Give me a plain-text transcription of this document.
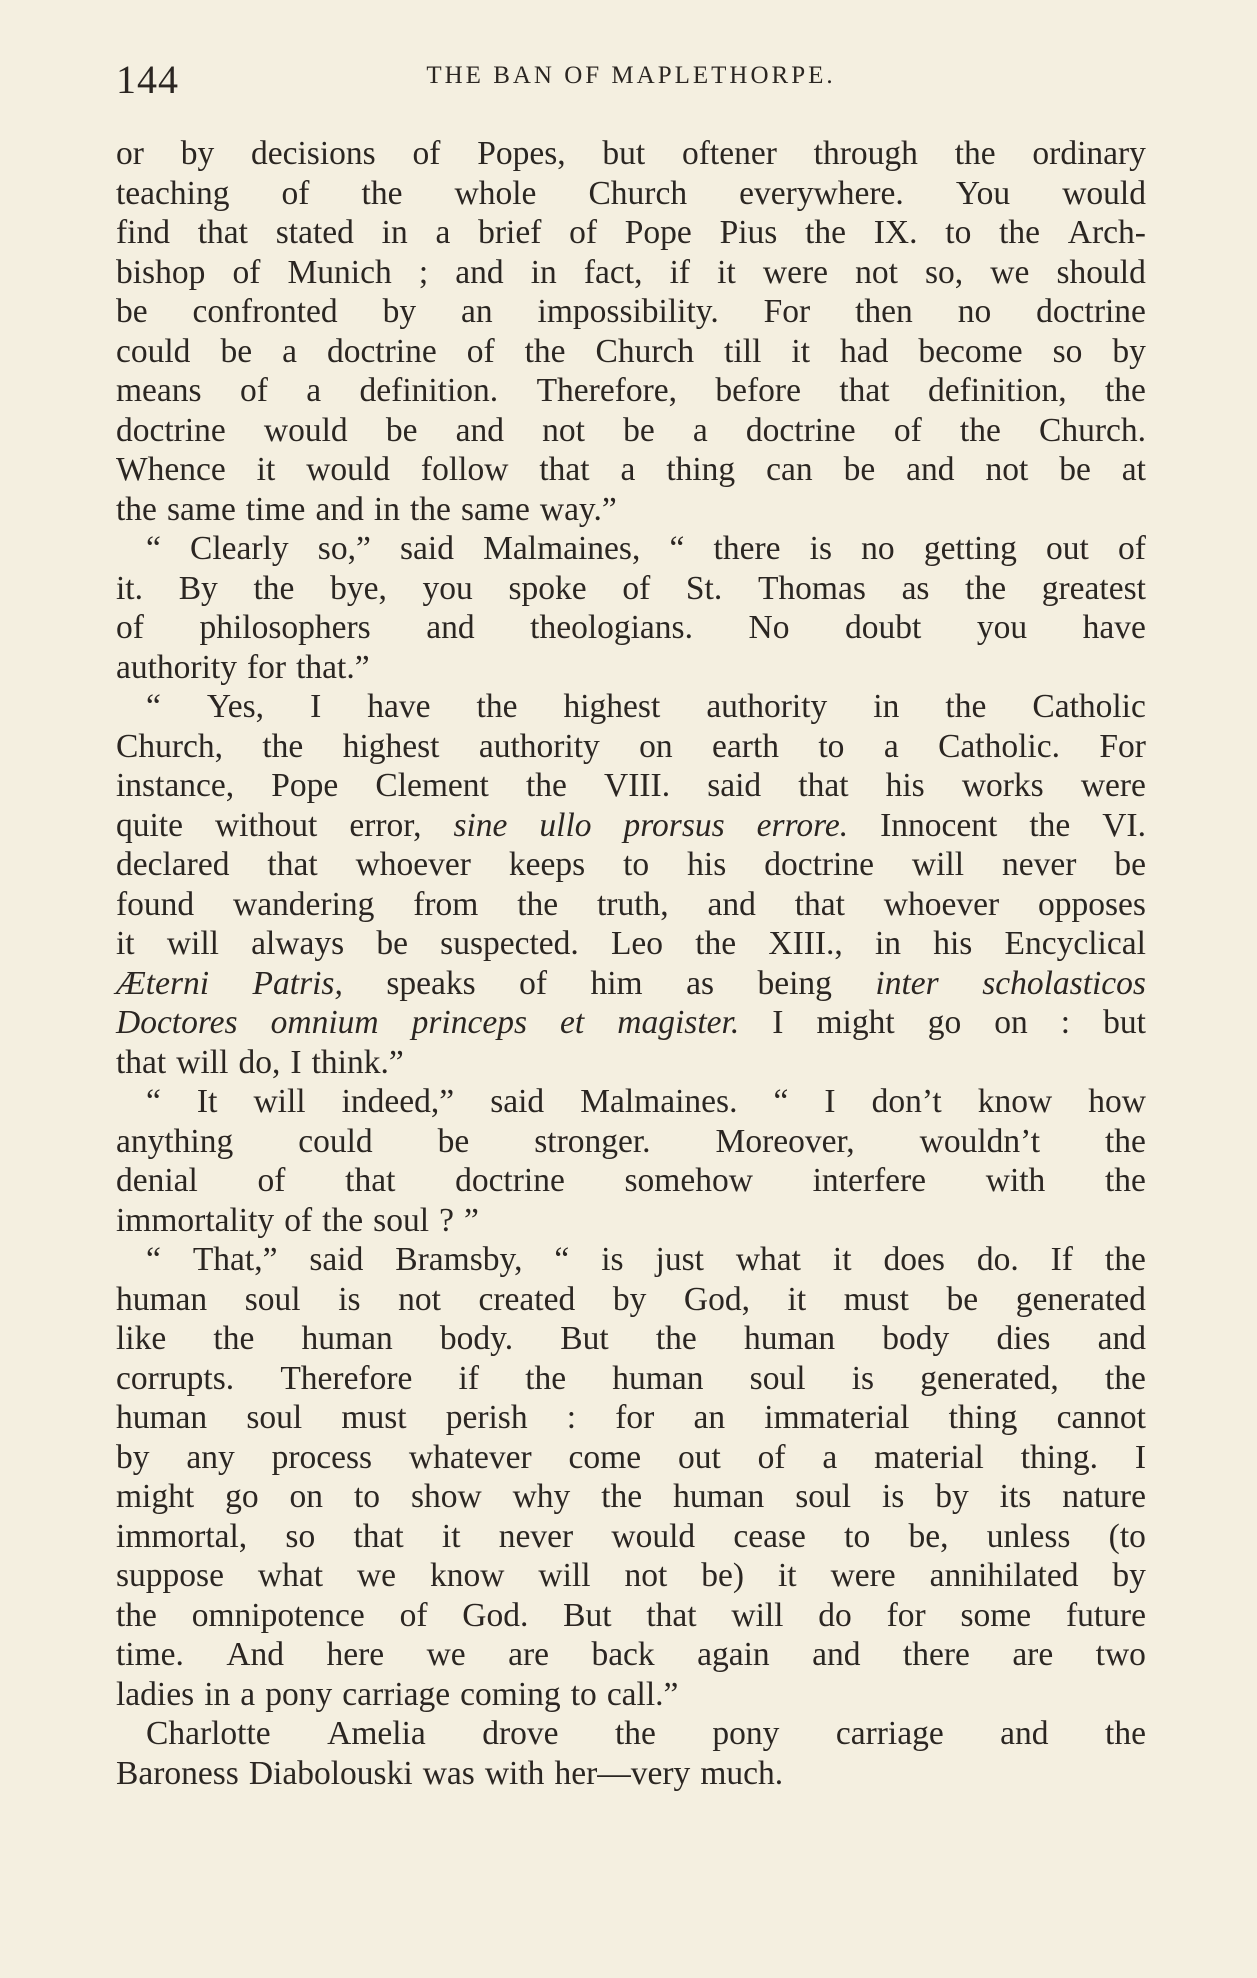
144	THE BAN OF MAPLETHORPE.
or by decisions of Popes, but oftener through the ordinary
teaching of the whole Church everywhere. You would
find that stated in a brief of Pope Pius the IX. to the Arch-
bishop of Munich ; and in fact, if it were not so, we should
be confronted by an impossibility. For then no doctrine
could be a doctrine of the Church till it had become so by
means of a definition. Therefore, before that definition, the
doctrine would be and not be a doctrine of the Church.
Whence it would follow that a thing can be and not be at
the same time and in the same way.”
“ Clearly so,” said Malmaines, “ there is no getting out of
it. By the bye, you spoke of St. Thomas as the greatest
of philosophers and theologians. No doubt you have
authority for that.”
“ Yes, I have the highest authority in the Catholic
Church, the highest authority on earth to a Catholic. For
instance, Pope Clement the VIII. said that his works were
quite without error, sine ullo prorsus errore. Innocent the VI.
declared that whoever keeps to his doctrine will never be
found wandering from the truth, and that whoever opposes
it will always be suspected. Leo the XIII., in his Encyclical
Æterni Patris, speaks of him as being inter scholasticos
Doctores omnium princeps et magister. I might go on : but
that will do, I think.”
“ It will indeed,” said Malmaines. “ I don’t know how
anything could be stronger. Moreover, wouldn’t the
denial of that doctrine somehow interfere with the
immortality of the soul ? ”
“ That,” said Bramsby, “ is just what it does do. If the
human soul is not created by God, it must be generated
like the human body. But the human body dies and
corrupts. Therefore if the human soul is generated, the
human soul must perish : for an immaterial thing cannot
by any process whatever come out of a material thing. I
might go on to show why the human soul is by its nature
immortal, so that it never would cease to be, unless (to
suppose what we know will not be) it were annihilated by
the omnipotence of God. But that will do for some future
time. And here we are back again and there are two
ladies in a pony carriage coming to call.”
Charlotte Amelia drove the pony carriage and the
Baroness Diabolouski was with her—very much.
